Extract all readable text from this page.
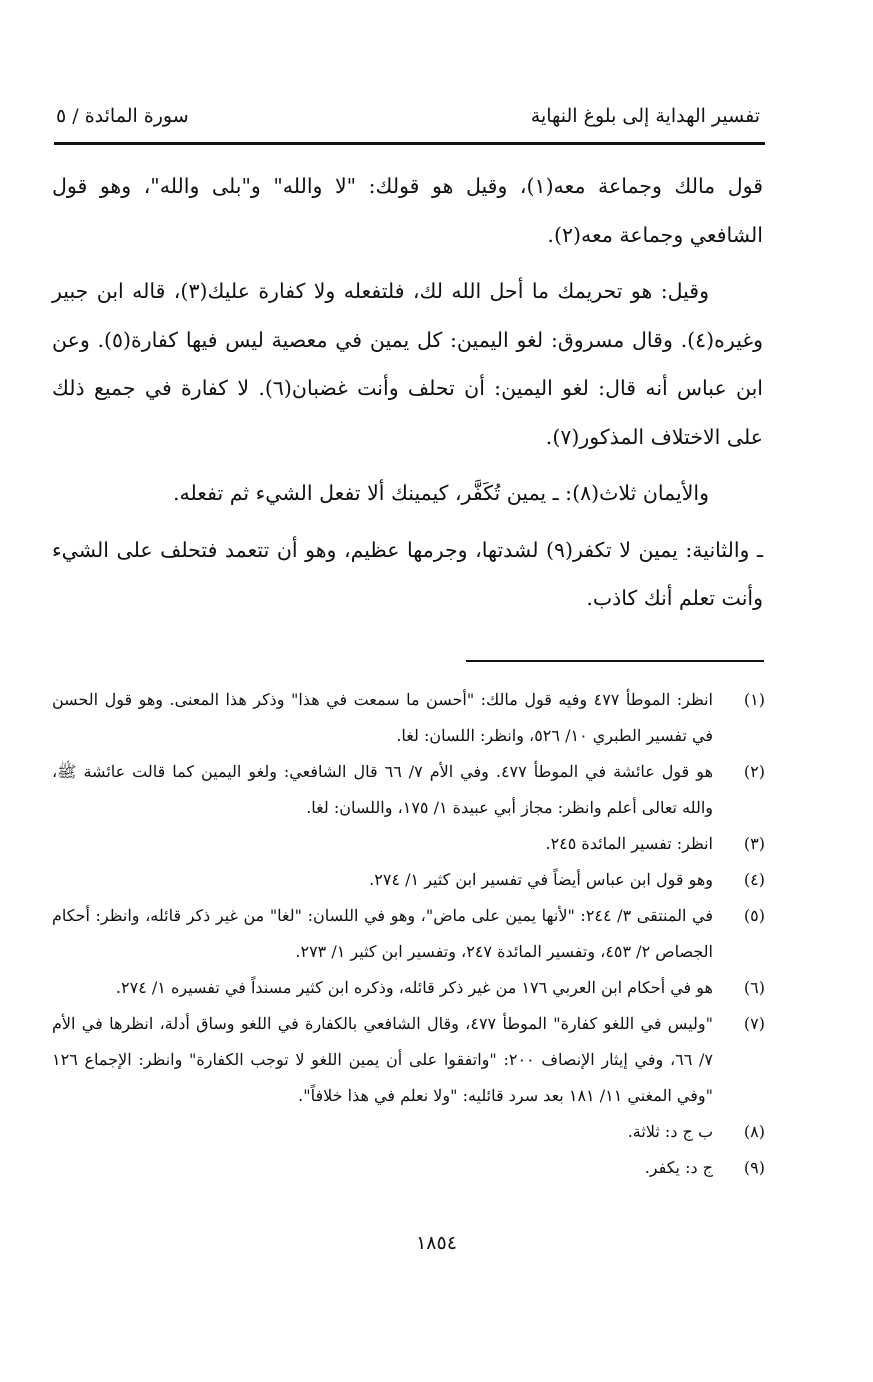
تفسير الهداية إلى بلوغ النهاية
سورة المائدة / ٥

قول مالك وجماعة معه(١)، وقيل هو قولك: "لا والله" و"بلى والله"، وهو قول الشافعي وجماعة معه(٢).

وقيل: هو تحريمك ما أحل الله لك، فلتفعله ولا كفارة عليك(٣)، قاله ابن جبير وغيره(٤). وقال مسروق: لغو اليمين: كل يمين في معصية ليس فيها كفارة(٥). وعن ابن عباس أنه قال: لغو اليمين: أن تحلف وأنت غضبان(٦). لا كفارة في جميع ذلك على الاختلاف المذكور(٧).

والأيمان ثلاث(٨): ـ يمين تُكَفَّر، كيمينك ألا تفعل الشيء ثم تفعله.

ـ والثانية: يمين لا تكفر(٩) لشدتها، وجرمها عظيم، وهو أن تتعمد فتحلف على الشيء وأنت تعلم أنك كاذب.

(١)
انظر: الموطأ ٤٧٧ وفيه قول مالك: "أحسن ما سمعت في هذا" وذكر هذا المعنى. وهو قول الحسن في تفسير الطبري ١٠/ ٥٢٦، وانظر: اللسان: لغا.
(٢)
هو قول عائشة في الموطأ ٤٧٧. وفي الأم ٧/ ٦٦ قال الشافعي: ولغو اليمين كما قالت عائشة ﷺ، والله تعالى أعلم وانظر: مجاز أبي عبيدة ١/ ١٧٥، واللسان: لغا.
(٣)
انظر: تفسير المائدة ٢٤٥.
(٤)
وهو قول ابن عباس أيضاً في تفسير ابن كثير ١/ ٢٧٤.
(٥)
في المنتقى ٣/ ٢٤٤: "لأنها يمين على ماض"، وهو في اللسان: "لغا" من غير ذكر قائله، وانظر: أحكام الجصاص ٢/ ٤٥٣، وتفسير المائدة ٢٤٧، وتفسير ابن كثير ١/ ٢٧٣.
(٦)
هو في أحكام ابن العربي ١٧٦ من غير ذكر قائله، وذكره ابن كثير مسنداً في تفسيره ١/ ٢٧٤.
(٧)
"وليس في اللغو كفارة" الموطأ ٤٧٧، وقال الشافعي بالكفارة في اللغو وساق أدلة، انظرها في الأم ٧/ ٦٦، وفي إيثار الإنصاف ٢٠٠: "واتفقوا على أن يمين اللغو لا توجب الكفارة" وانظر: الإجماع ١٢٦ "وفي المغني ١١/ ١٨١ بعد سرد قائليه: "ولا نعلم في هذا خلافاً".
(٨)
ب ج د: ثلاثة.
(٩)
ج د: يكفر.
١٨٥٤
